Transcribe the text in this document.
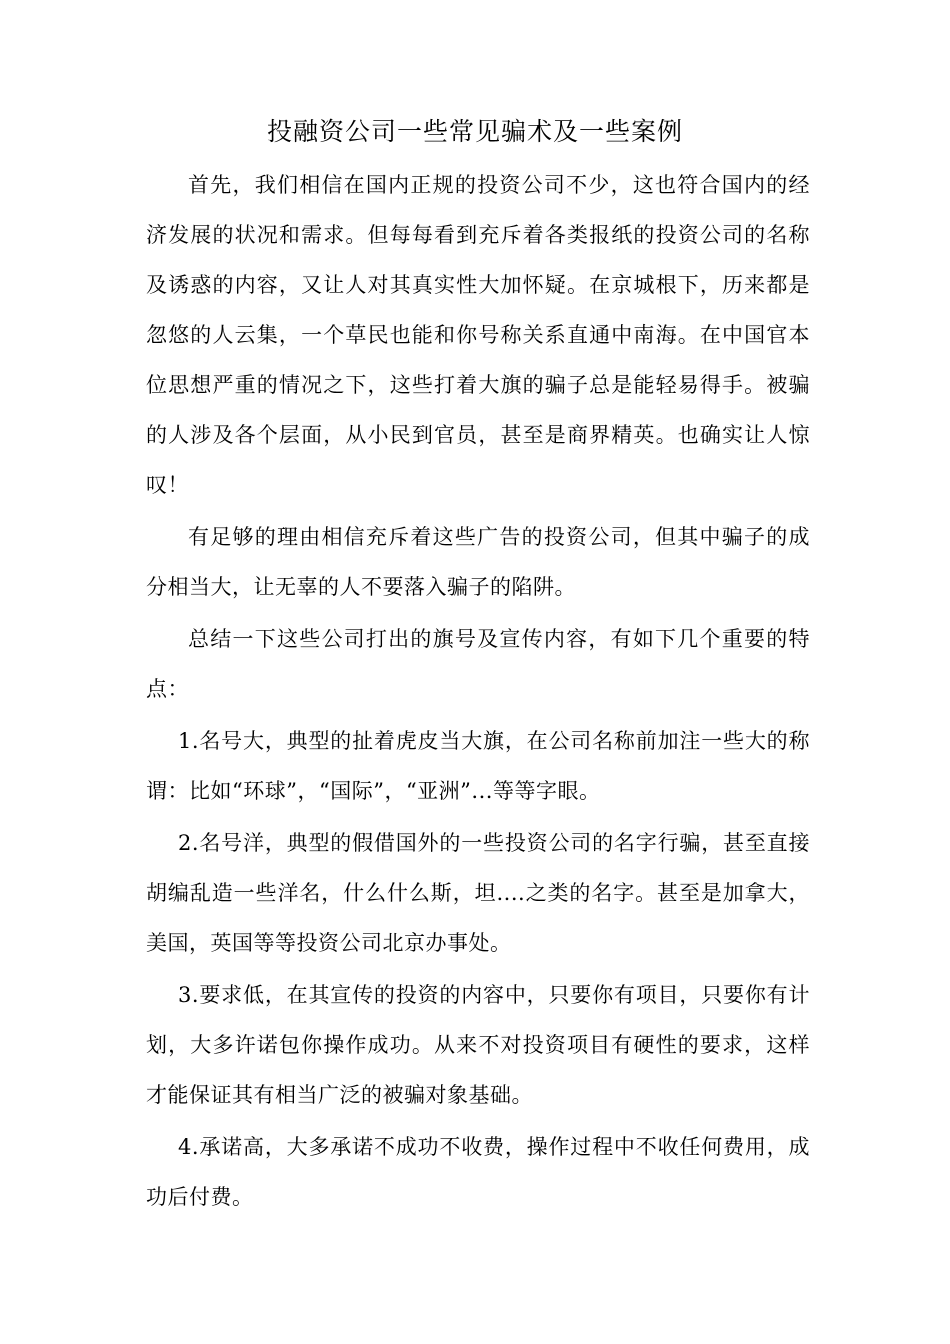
投融资公司一些常见骗术及一些案例

首先，我们相信在国内正规的投资公司不少，这也符合国内的经济发展的状况和需求。但每每看到充斥着各类报纸的投资公司的名称及诱惑的内容，又让人对其真实性大加怀疑。在京城根下，历来都是忽悠的人云集，一个草民也能和你号称关系直通中南海。在中国官本位思想严重的情况之下，这些打着大旗的骗子总是能轻易得手。被骗的人涉及各个层面，从小民到官员，甚至是商界精英。也确实让人惊叹！

有足够的理由相信充斥着这些广告的投资公司，但其中骗子的成分相当大，让无辜的人不要落入骗子的陷阱。

总结一下这些公司打出的旗号及宣传内容，有如下几个重要的特点：

1.名号大，典型的扯着虎皮当大旗，在公司名称前加注一些大的称谓：比如“环球”，“国际”，“亚洲”...等等字眼。

2.名号洋，典型的假借国外的一些投资公司的名字行骗，甚至直接胡编乱造一些洋名，什么什么斯，坦....之类的名字。甚至是加拿大，美国，英国等等投资公司北京办事处。

3.要求低，在其宣传的投资的内容中，只要你有项目，只要你有计划，大多许诺包你操作成功。从来不对投资项目有硬性的要求，这样才能保证其有相当广泛的被骗对象基础。

4.承诺高，大多承诺不成功不收费，操作过程中不收任何费用，成功后付费。
